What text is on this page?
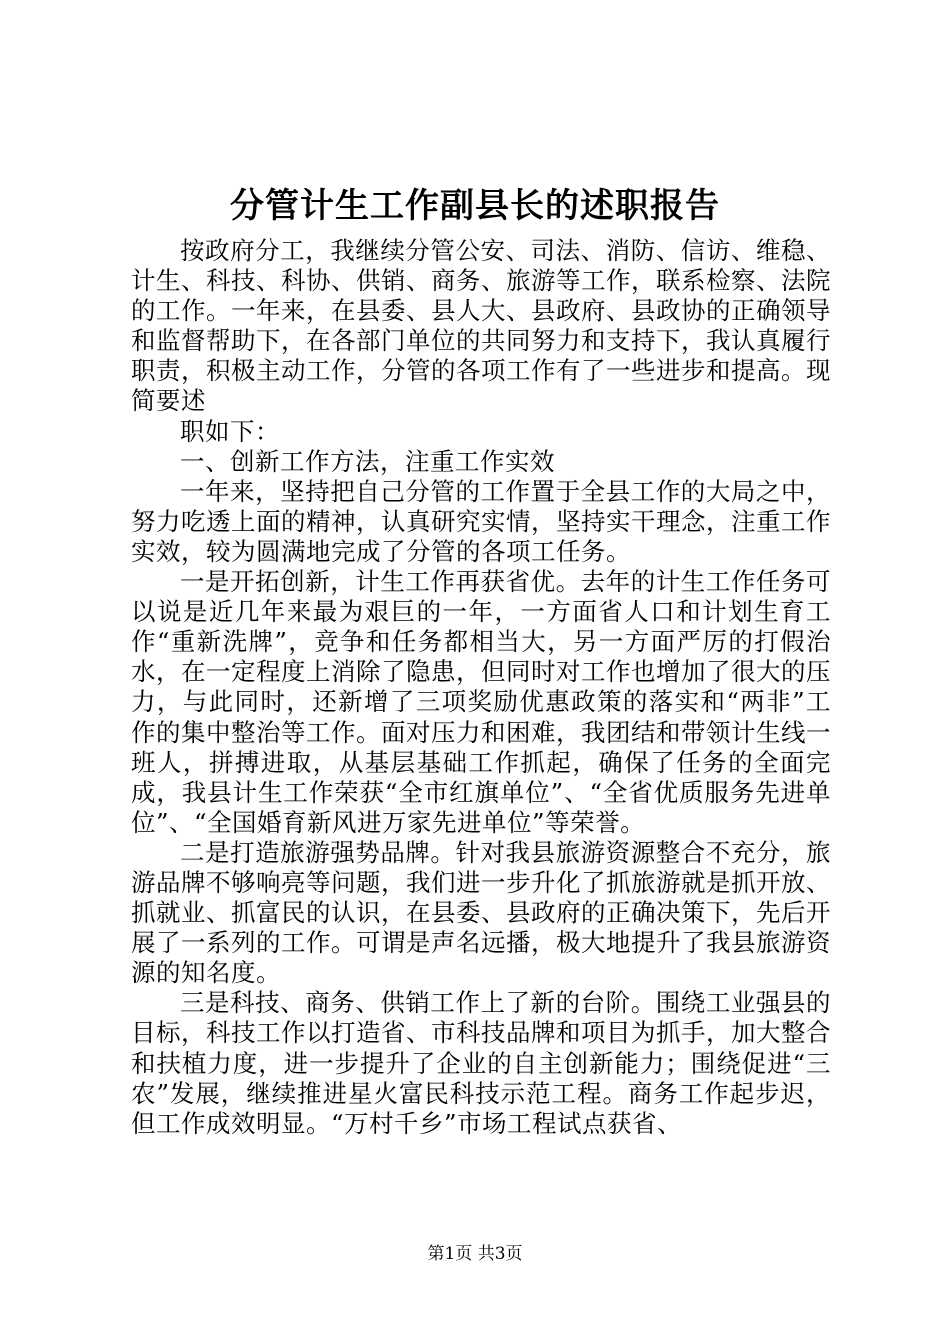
分管计生工作副县长的述职报告

按政府分工，我继续分管公安、司法、消防、信访、维稳、计生、科技、科协、供销、商务、旅游等工作，联系检察、法院的工作。一年来，在县委、县人大、县政府、县政协的正确领导和监督帮助下，在各部门单位的共同努力和支持下，我认真履行职责，积极主动工作，分管的各项工作有了一些进步和提高。现简要述

职如下：

一、创新工作方法，注重工作实效

一年来，坚持把自己分管的工作置于全县工作的大局之中，努力吃透上面的精神，认真研究实情，坚持实干理念，注重工作实效，较为圆满地完成了分管的各项工任务。

一是开拓创新，计生工作再获省优。去年的计生工作任务可以说是近几年来最为艰巨的一年，一方面省人口和计划生育工作“重新洗牌”，竞争和任务都相当大，另一方面严厉的打假治水，在一定程度上消除了隐患，但同时对工作也增加了很大的压力，与此同时，还新增了三项奖励优惠政策的落实和“两非”工作的集中整治等工作。面对压力和困难，我团结和带领计生线一班人，拼搏进取，从基层基础工作抓起，确保了任务的全面完成，我县计生工作荣获“全市红旗单位”、“全省优质服务先进单位”、“全国婚育新风进万家先进单位”等荣誉。

二是打造旅游强势品牌。针对我县旅游资源整合不充分，旅游品牌不够响亮等问题，我们进一步升化了抓旅游就是抓开放、抓就业、抓富民的认识，在县委、县政府的正确决策下，先后开展了一系列的工作。可谓是声名远播，极大地提升了我县旅游资源的知名度。

三是科技、商务、供销工作上了新的台阶。围绕工业强县的目标，科技工作以打造省、市科技品牌和项目为抓手，加大整合和扶植力度，进一步提升了企业的自主创新能力；围绕促进“三农”发展，继续推进星火富民科技示范工程。商务工作起步迟，但工作成效明显。“万村千乡”市场工程试点获省、

第1页 共3页
